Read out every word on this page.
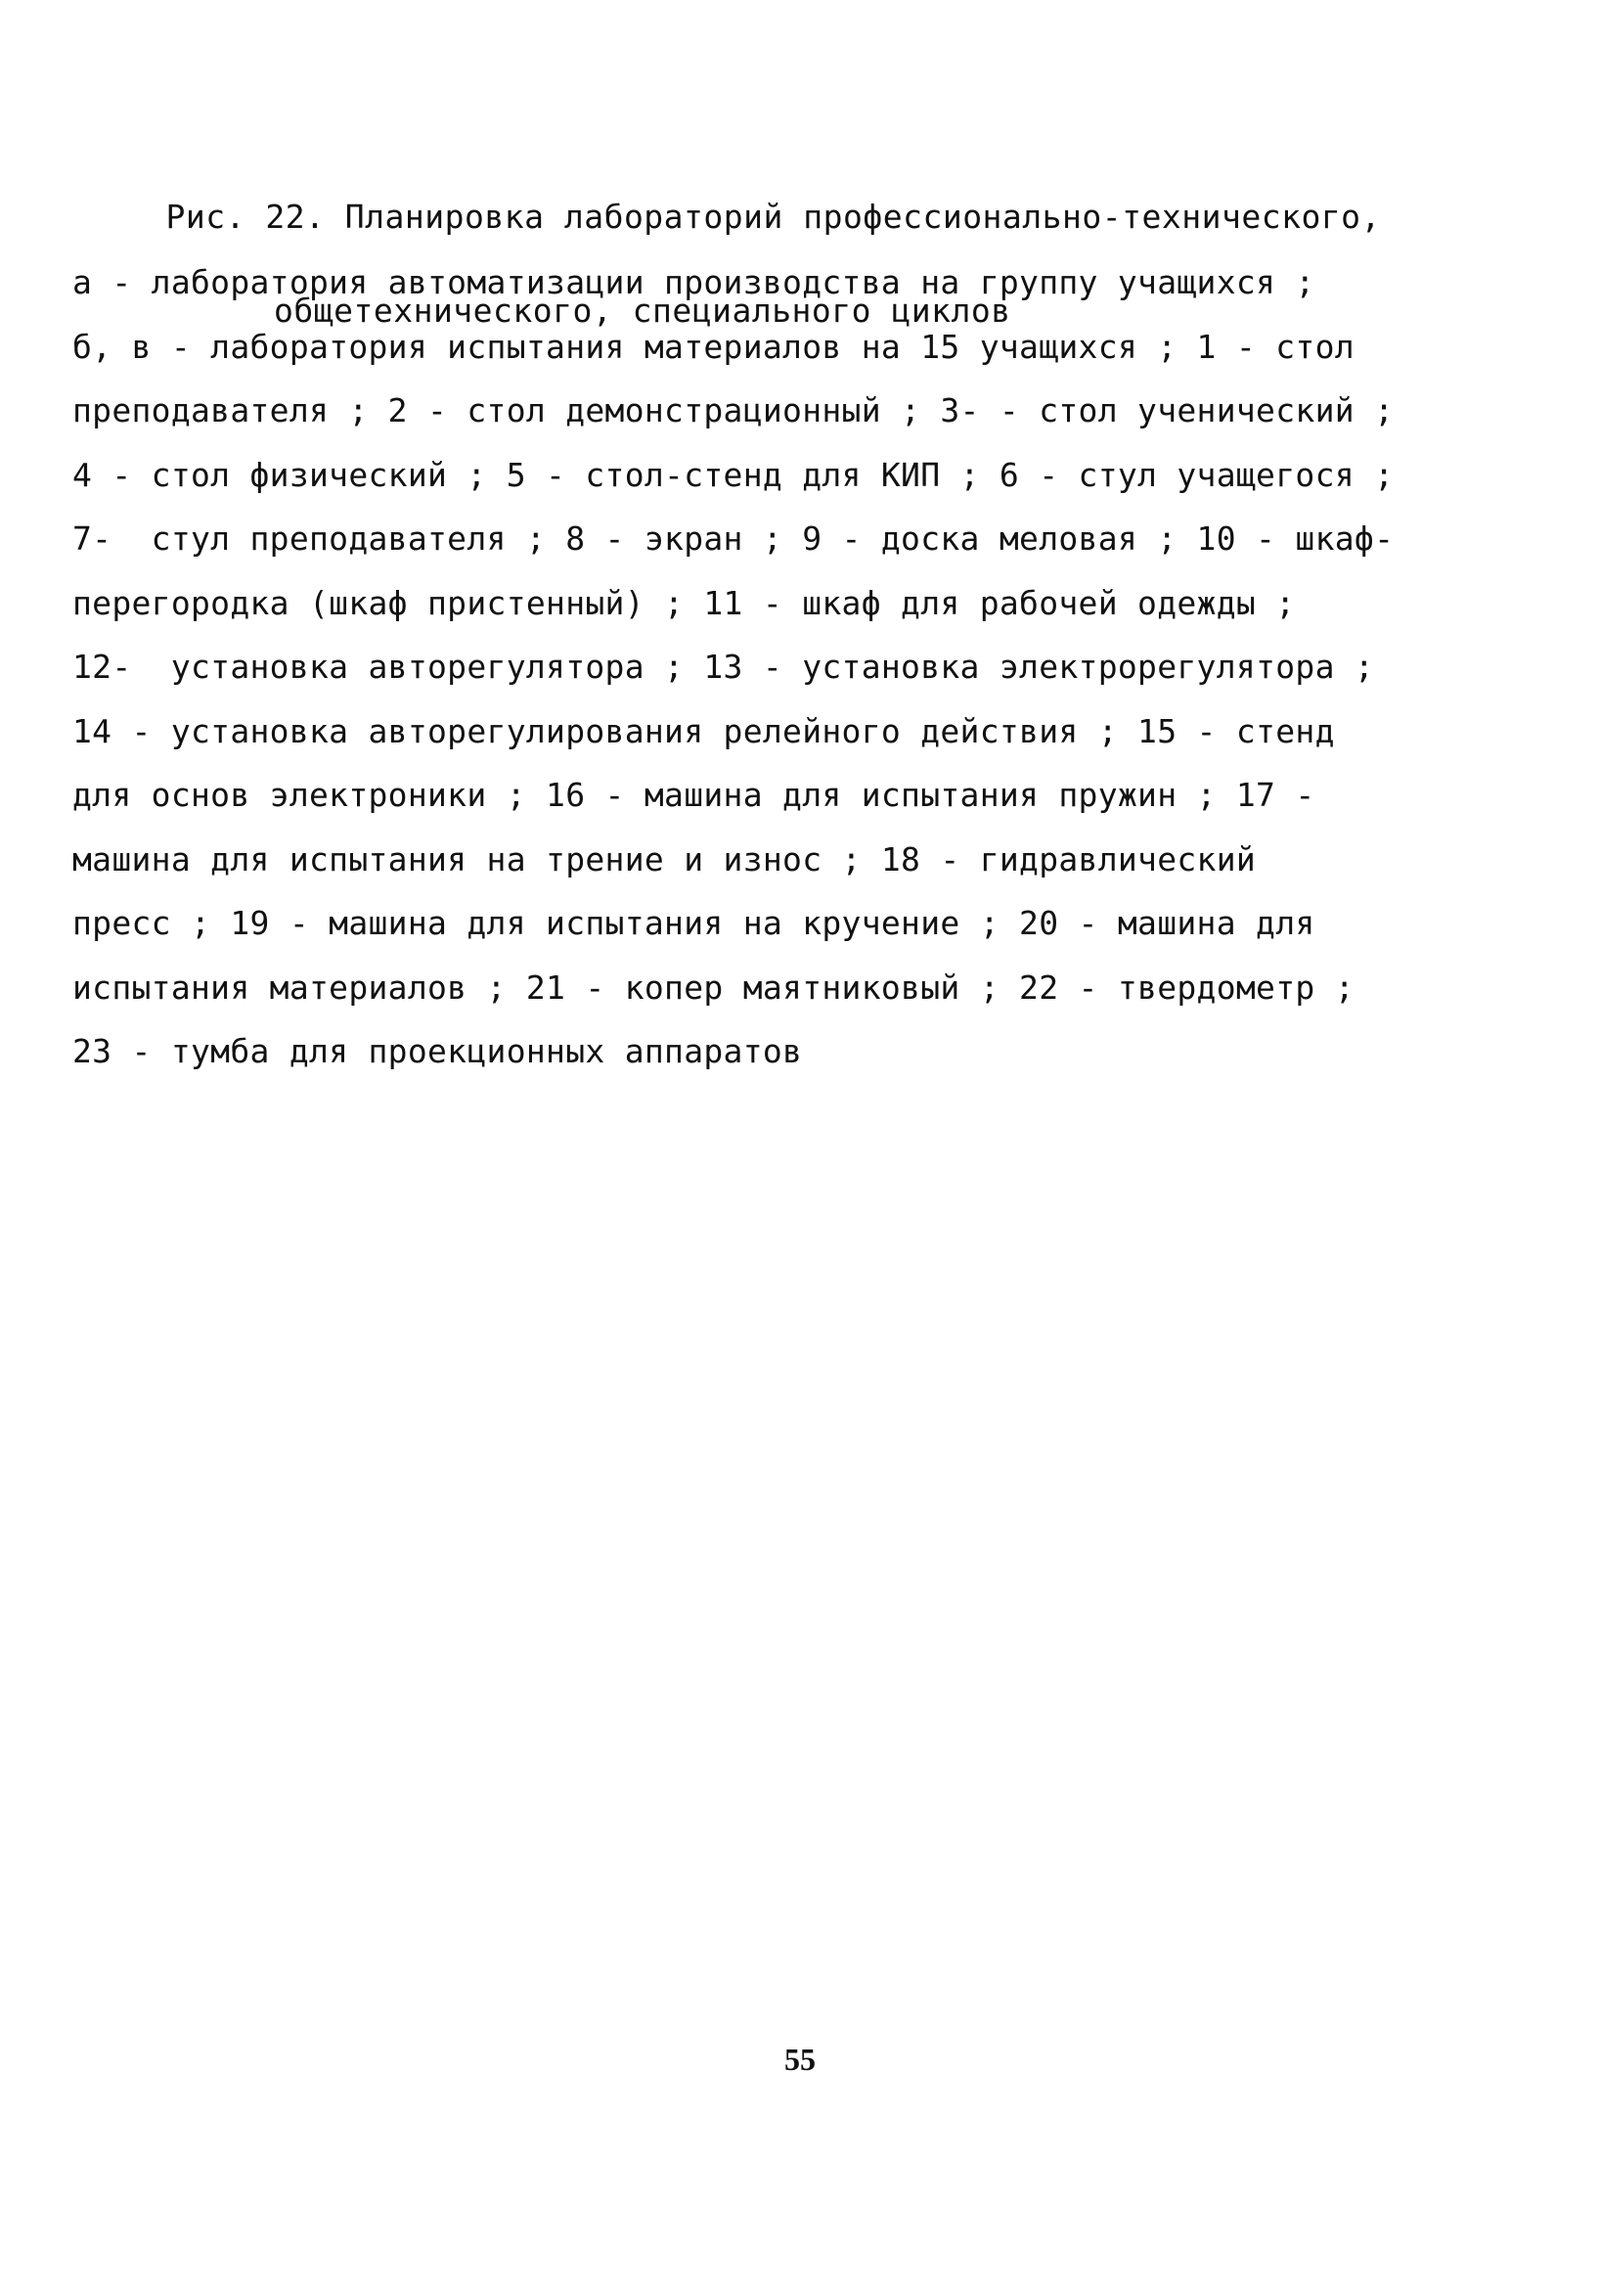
Рис. 22. Планировка лабораторий профессионально-технического,

общетехнического, специального циклов

а - лаборатория автоматизации производства на группу учащихся ;
б, в - лаборатория испытания материалов на 15 учащихся ; 1 - стол
преподавателя ; 2 - стол демонстрационный ; 3- - стол ученический ;
4 - стол физический ; 5 - стол-стенд для КИП ; 6 - стул учащегося ;
7-  стул преподавателя ; 8 - экран ; 9 - доска меловая ; 10 - шкаф-
перегородка (шкаф пристенный) ; 11 - шкаф для рабочей одежды ;
12-  установка авторегулятора ; 13 - установка электрорегулятора ;
14 - установка авторегулирования релейного действия ; 15 - стенд
для основ электроники ; 16 - машина для испытания пружин ; 17 -
машина для испытания на трение и износ ; 18 - гидравлический
пресс ; 19 - машина для испытания на кручение ; 20 - машина для
испытания материалов ; 21 - копер маятниковый ; 22 - твердометр ;
23 - тумба для проекционных аппаратов
55
